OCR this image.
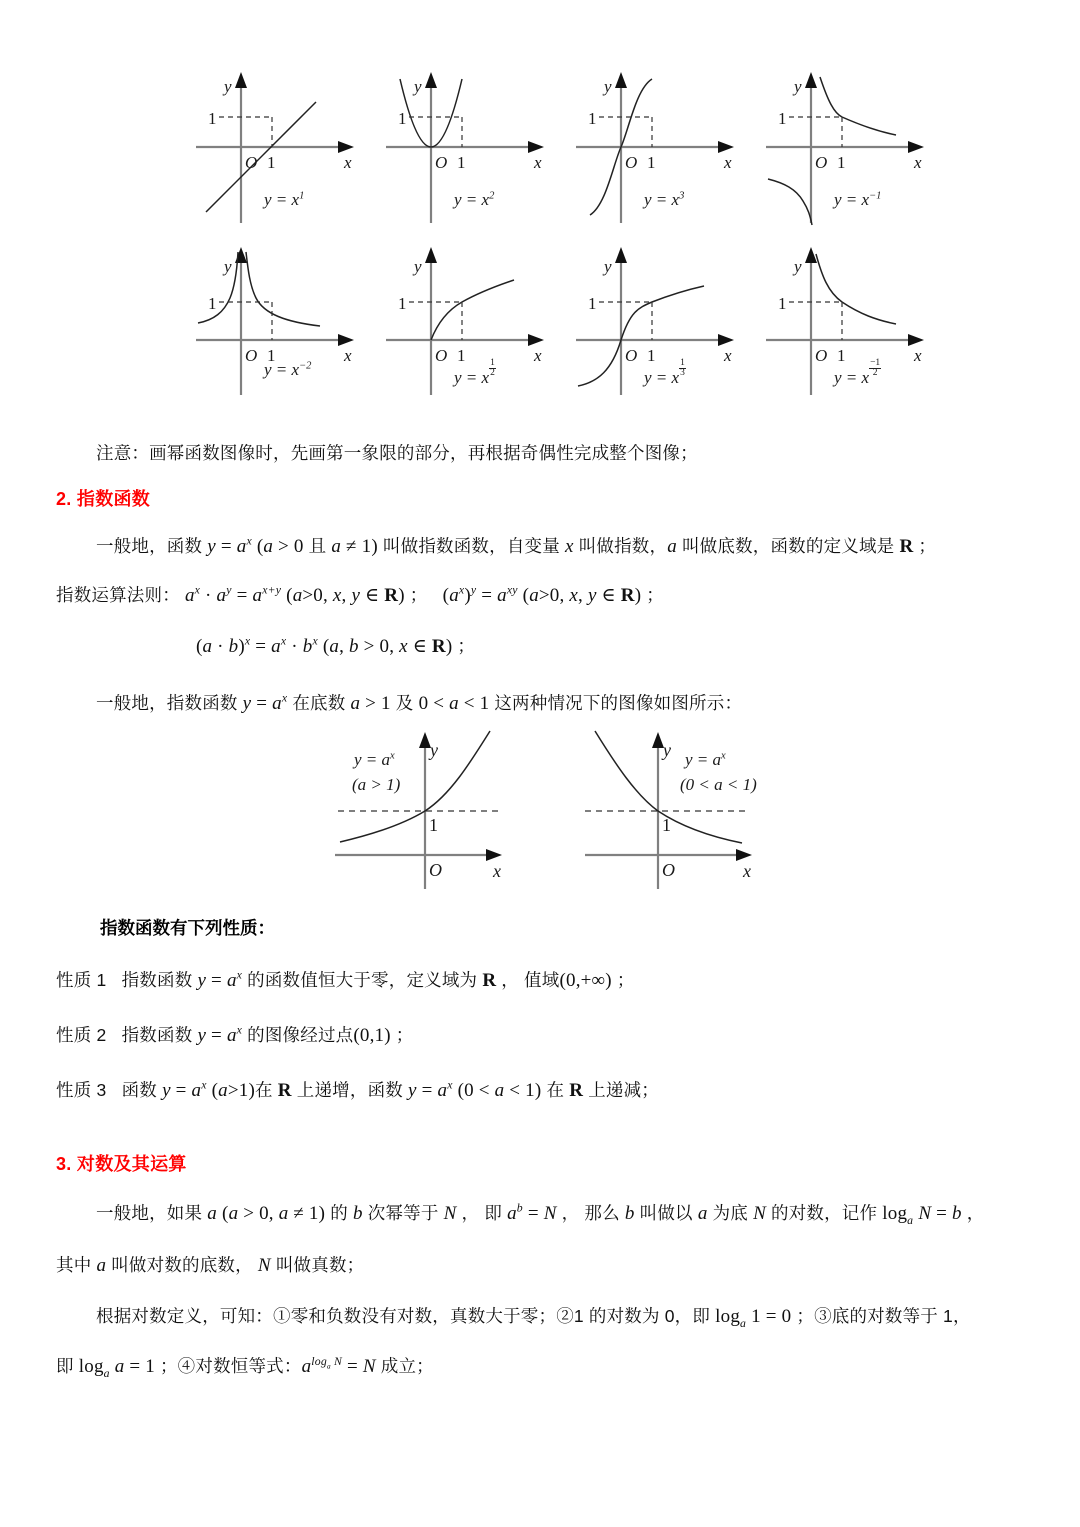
y
x
O 1
1
$y = x^1$
y
x
O 1
1
$y = x^2$
y
x
O 1
1
$y = x^3$
y
x
O 1
1
$y = x^{-1}$
y
x
O 1
1
$y = x^{-2}$
y
x
O 1
1
y = x $\frac{1}{2}$
y
x
O 1
1
y = x $\frac{1}{3}$
y
x
O 1
1
y = x $\frac{-1}{2}$
注意：画幂函数图像时，先画第一象限的部分，再根据奇偶性完成整个图像；
2. 指数函数
一般地，函数 $y = a^x$ (a > 0 且 a ≠ 1) 叫做指数函数，自变量 x 叫做指数，a 叫做底数，函数的定义域是 R ；
指数运算法则： $a^x \cdot a^y = a^{x+y}$ (a>0, x, y ∈ R) ；   $(a^x)^y = a^{xy}$ (a>0, x, y ∈ R) ；
$(a \cdot b)^x = a^x \cdot b^x$ (a, b > 0, x ∈ R) ；
一般地，指数函数 $y = a^x$ 在底数 a > 1 及 0 < a < 1 这两种情况下的图像如图所示：
y
x
O
1
$y = a^x$
(a > 1)
y
x
O
1
$y = a^x$
(0 < a < 1)
指数函数有下列性质：
性质 1   指数函数 $y = a^x$ 的函数值恒大于零，定义域为 R ， 值域(0,+∞) ；
性质 2   指数函数 $y = a^x$ 的图像经过点(0,1) ；
性质 3   函数 $y = a^x$ (a>1)在 R 上递增，函数 $y = a^x$ (0 < a < 1) 在 R 上递减；
3. 对数及其运算
一般地，如果 a (a > 0, a ≠ 1) 的 b 次幂等于 N ， 即 $a^b = N$ ， 那么 b 叫做以 a 为底 N 的对数，记作 $\log_a N = b$ ，
其中 a 叫做对数的底数， N 叫做真数；
根据对数定义，可知：①零和负数没有对数，真数大于零；②1 的对数为 0，即 $\log_a 1 = 0$ ；③底的对数等于 1，
即 $\log_a a = 1$ ；④对数恒等式：$a^{log_a N} = N$ 成立；
